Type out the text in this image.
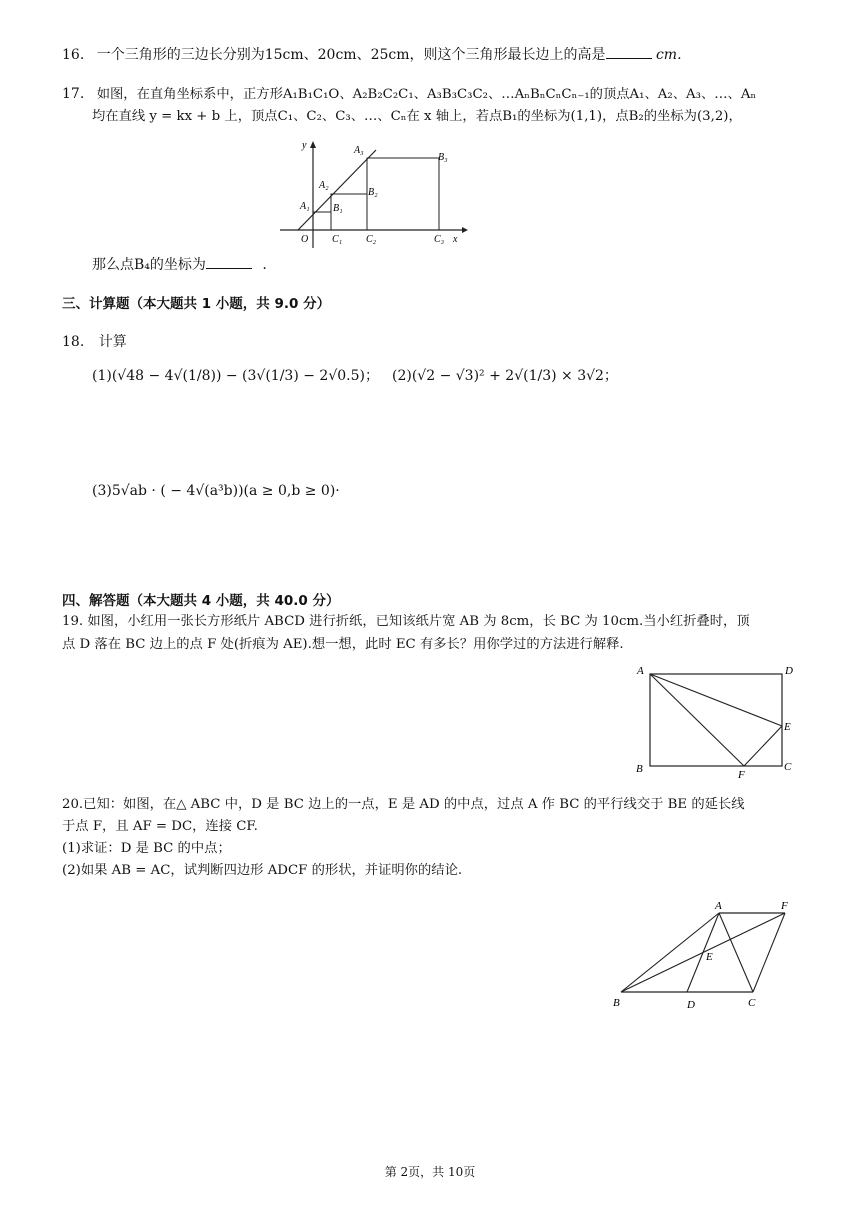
16. 一个三角形的三边长分别为15cm、20cm、25cm，则这个三角形最长边上的高是	cm.
17. 如图，在直角坐标系中，正方形A₁B₁C₁O、A₂B₂C₂C₁、A₃B₃C₃C₂、…AₙBₙCₙCₙ₋₁的顶点A₁、A₂、A₃、…、Aₙ
均在直线 y = kx + b 上，顶点C₁、C₂、C₃、…、Cₙ在 x 轴上，若点B₁的坐标为(1,1)，点B₂的坐标为(3,2)，
y
x
O
A₁
A₂
A₃
B₁
B₂
B₃
C₁ C₂	C₃
那么点B₄的坐标为	.
三、计算题（本大题共 1 小题，共 9.0 分）
18. 计算
(1)(√48 − 4√(1/8)) − (3√(1/3) − 2√0.5)； (2)(√2 − √3)² + 2√(1/3) × 3√2；
(3)5√ab · ( − 4√(a³b))(a ≥ 0,b ≥ 0)·
四、解答题（本大题共 4 小题，共 40.0 分）
19. 如图，小红用一张长方形纸片 ABCD 进行折纸，已知该纸片宽 AB 为 8cm，长 BC 为 10cm.当小红折叠时，顶
点 D 落在 BC 边上的点 F 处(折痕为 AE).想一想，此时 EC 有多长？用你学过的方法进行解释.
A	D
E
B	F
C
20.已知：如图，在△ ABC 中，D 是 BC 边上的一点，E 是 AD 的中点，过点 A 作 BC 的平行线交于 BE 的延长线
于点 F，且 AF = DC，连接 CF.
(1)求证：D 是 BC 的中点；
(2)如果 AB = AC，试判断四边形 ADCF 的形状，并证明你的结论.
A	F
E
B	D	C
第 2页，共 10页
